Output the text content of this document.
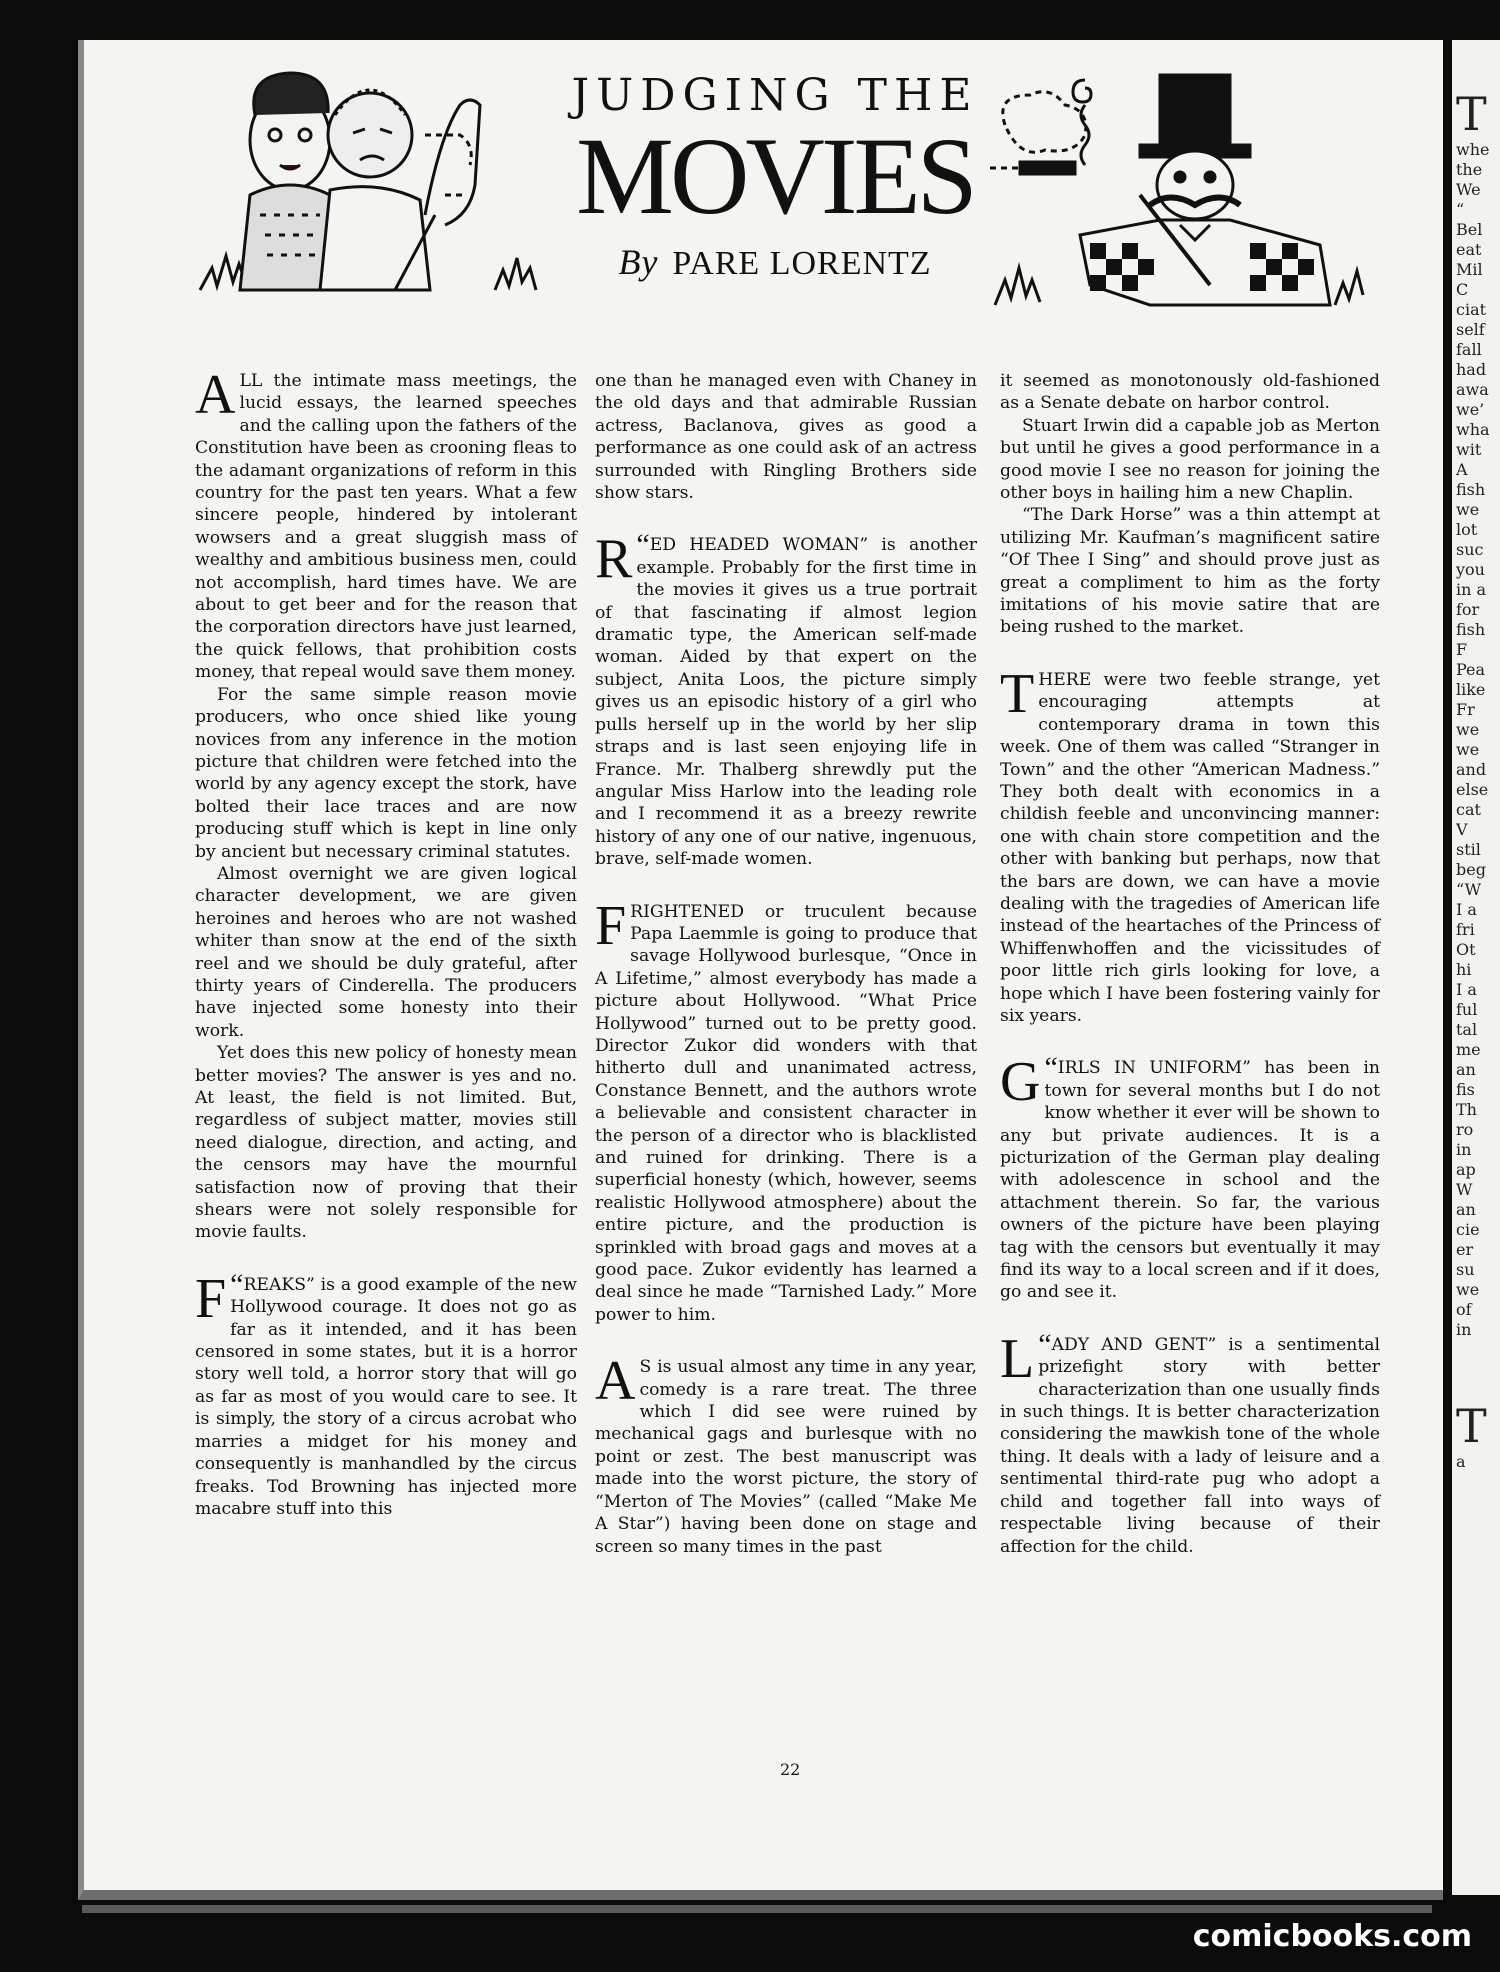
T
whe
the
We
“
Bel
eat
Mil
C
ciat
self
fall
had
awa
we’
wha
wit
A
fish
we
lot
suc
you
in a
for
fish
F
Pea
like
Fr
we
we
and
else
cat
V
stil
beg
“W
I a
fri
Ot
hi
I a
ful
tal
me
an
fis
Th
ro
in
ap
W
an
cie
er
su
we
of
in
T
a
JUDGING THE
MOVIES
By PARE LORENTZ

ALL the intimate mass meetings, the lucid essays, the learned speeches and the calling upon the fathers of the Constitution have been as crooning fleas to the adamant organizations of reform in this country for the past ten years. What a few sincere people, hindered by intolerant wowsers and a great sluggish mass of wealthy and ambitious business men, could not accomplish, hard times have. We are about to get beer and for the reason that the corporation directors have just learned, the quick fellows, that prohibition costs money, that repeal would save them money.

For the same simple reason movie producers, who once shied like young novices from any inference in the motion picture that children were fetched into the world by any agency except the stork, have bolted their lace traces and are now producing stuff which is kept in line only by ancient but necessary criminal statutes.

Almost overnight we are given logical character development, we are given heroines and heroes who are not washed whiter than snow at the end of the sixth reel and we should be duly grateful, after thirty years of Cinderella. The producers have injected some honesty into their work.

Yet does this new policy of honesty mean better movies? The answer is yes and no. At least, the field is not limited. But, regardless of subject matter, movies still need dialogue, direction, and acting, and the censors may have the mournful satisfaction now of proving that their shears were not solely responsible for movie faults.

“
F REAKS” is a good example of the new Hollywood courage. It does not go as far as it intended, and it has been censored in some states, but it is a horror story well told, a horror story that will go as far as most of you would care to see. It is simply, the story of a circus acrobat who marries a midget for his money and consequently is manhandled by the circus freaks. Tod Browning has injected more macabre stuff into this

one than he managed even with Chaney in the old days and that admirable Russian actress, Baclanova, gives as good a performance as one could ask of an actress surrounded with Ringling Brothers side show stars.

“
R ED HEADED WOMAN” is another example. Probably for the first time in the movies it gives us a true portrait of that fascinating if almost legion dramatic type, the American self-made woman. Aided by that expert on the subject, Anita Loos, the picture simply gives us an episodic history of a girl who pulls herself up in the world by her slip straps and is last seen enjoying life in France. Mr. Thalberg shrewdly put the angular Miss Harlow into the leading role and I recommend it as a breezy rewrite history of any one of our native, ingenuous, brave, self-made women.

FRIGHTENED or truculent because Papa Laemmle is going to produce that savage Hollywood burlesque, “Once in A Lifetime,” almost everybody has made a picture about Hollywood. “What Price Hollywood” turned out to be pretty good. Director Zukor did wonders with that hitherto dull and unanimated actress, Constance Bennett, and the authors wrote a believable and consistent character in the person of a director who is blacklisted and ruined for drinking. There is a superficial honesty (which, however, seems realistic Hollywood atmosphere) about the entire picture, and the production is sprinkled with broad gags and moves at a good pace. Zukor evidently has learned a deal since he made “Tarnished Lady.” More power to him.

A S is usual almost any time in any year, comedy is a rare treat. The three which I did see were ruined by mechanical gags and burlesque with no point or zest. The best manuscript was made into the worst picture, the story of “Merton of The Movies” (called “Make Me A Star”) having been done on stage and screen so many times in the past

it seemed as monotonously old-fashioned as a Senate debate on harbor control.

Stuart Irwin did a capable job as Merton but until he gives a good performance in a good movie I see no reason for joining the other boys in hailing him a new Chaplin.

“The Dark Horse” was a thin attempt at utilizing Mr. Kaufman’s magnificent satire “Of Thee I Sing” and should prove just as great a compliment to him as the forty imitations of his movie satire that are being rushed to the market.

THERE were two feeble strange, yet encouraging attempts at contemporary drama in town this week. One of them was called “Stranger in Town” and the other “American Madness.” They both dealt with economics in a childish feeble and unconvincing manner: one with chain store competition and the other with banking but perhaps, now that the bars are down, we can have a movie dealing with the tragedies of American life instead of the heartaches of the Princess of Whiffenwhoffen and the vicissitudes of poor little rich girls looking for love, a hope which I have been fostering vainly for six years.

“
G IRLS IN UNIFORM” has been in town for several months but I do not know whether it ever will be shown to any but private audiences. It is a picturization of the German play dealing with adolescence in school and the attachment therein. So far, the various owners of the picture have been playing tag with the censors but eventually it may find its way to a local screen and if it does, go and see it.

“
L ADY AND GENT” is a sentimental prizefight story with better characterization than one usually finds in such things. It is better characterization considering the mawkish tone of the whole thing. It deals with a lady of leisure and a sentimental third-rate pug who adopt a child and together fall into ways of respectable living because of their affection for the child.

22
comicbooks.com
